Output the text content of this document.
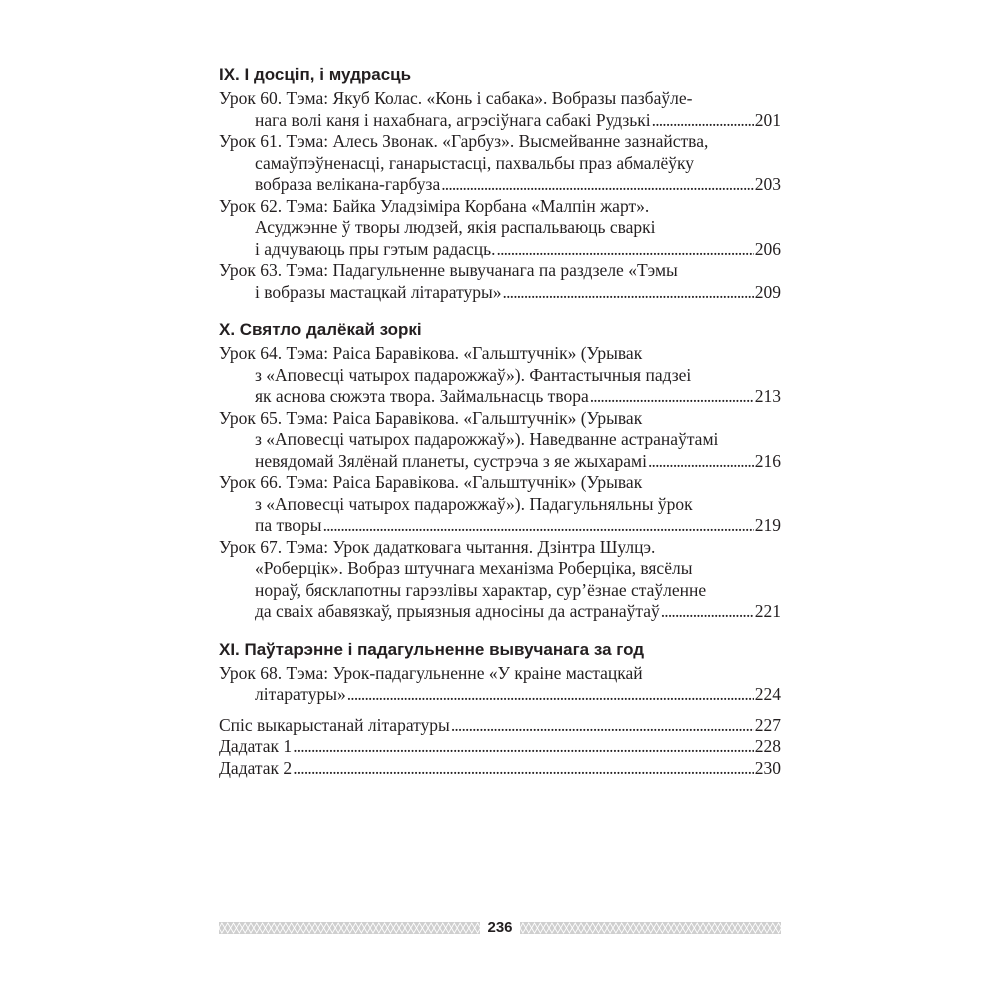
IX. І досціп, і мудрасць
Урок 60. Тэма: Якуб Колас. «Конь і сабака». Вобразы пазбаўле-
нага волі каня і нахабнага, агрэсіўнага сабакі Рудзькі . . .	201
Урок 61. Тэма: Алесь Звонак. «Гарбуз». Высмейванне зазнайства,
самаўпэўненасці, ганарыстасці, пахвальбы праз абмалёўку
вобраза велікана-гарбуза . . .	203
Урок 62. Тэма: Байка Уладзіміра Корбана «Малпін жарт».
Асуджэнне ў творы людзей, якія распальваюць сваркі
і адчуваюць пры гэтым радасць. . . .	206
Урок 63. Тэма: Падагульненне вывучанага па раздзеле «Тэмы
і вобразы мастацкай літаратуры» . . .	209
X. Святло далёкай зоркі
Урок 64. Тэма: Раіса Баравікова. «Гальштучнік» (Урывак
з «Аповесці чатырох падарожжаў»). Фантастычныя падзеі
як аснова сюжэта твора. Займальнасць твора . . .	213
Урок 65. Тэма: Раіса Баравікова. «Гальштучнік» (Урывак
з «Аповесці чатырох падарожжаў»). Наведванне астранаўтамі
невядомай Зялёнай планеты, сустрэча з яе жыхарамі . . .	216
Урок 66. Тэма: Раіса Баравікова. «Гальштучнік» (Урывак
з «Аповесці чатырох падарожжаў»). Падагульняльны ўрок
па творы . . .	219
Урок 67. Тэма: Урок дадатковага чытання. Дзінтра Шулцэ.
«Роберцік». Вобраз штучнага механізма Роберціка, вясёлы
нораў, бясклапотны гарэзлівы характар, сур’ёзнае стаўленне
да сваіх абавязкаў, прыязныя адносіны да астранаўтаў . . .	221
XI. Паўтарэнне і падагульненне вывучанага за год
Урок 68. Тэма: Урок-падагульненне «У краіне мастацкай
літаратуры» . . .	224
Спіс выкарыстанай літаратуры . . .	227
Дадатак 1 . . .	228
Дадатак 2 . . .	230
236
